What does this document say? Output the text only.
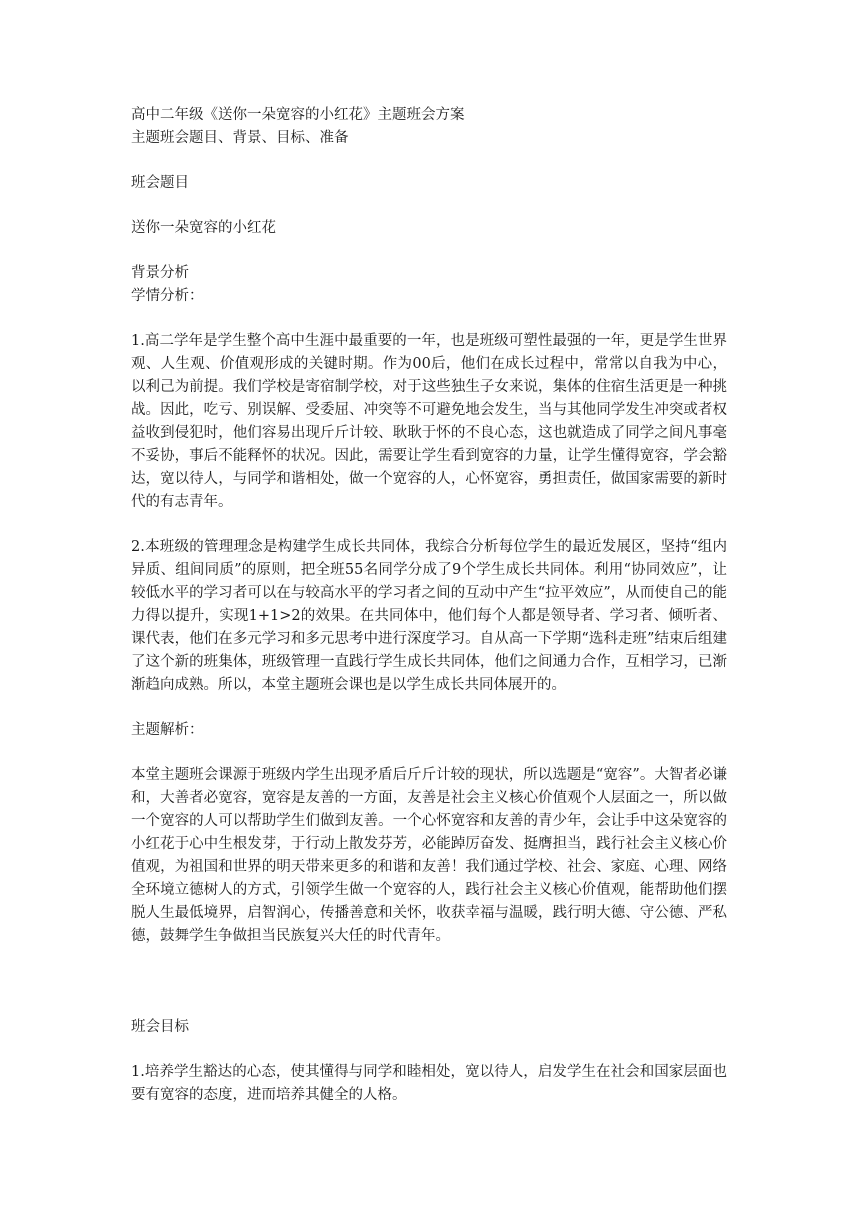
高中二年级《送你一朵宽容的小红花》主题班会方案

主题班会题目、背景、目标、准备

班会题目

送你一朵宽容的小红花

背景分析

学情分析：

1.高二学年是学生整个高中生涯中最重要的一年，也是班级可塑性最强的一年，更是学生世界观、人生观、价值观形成的关键时期。作为00后，他们在成长过程中，常常以自我为中心，以利己为前提。我们学校是寄宿制学校，对于这些独生子女来说，集体的住宿生活更是一种挑战。因此，吃亏、别误解、受委屈、冲突等不可避免地会发生，当与其他同学发生冲突或者权益收到侵犯时，他们容易出现斤斤计较、耿耿于怀的不良心态，这也就造成了同学之间凡事毫不妥协，事后不能释怀的状况。因此，需要让学生看到宽容的力量，让学生懂得宽容，学会豁达，宽以待人，与同学和谐相处，做一个宽容的人，心怀宽容，勇担责任，做国家需要的新时代的有志青年。

2.本班级的管理理念是构建学生成长共同体，我综合分析每位学生的最近发展区，坚持“组内异质、组间同质”的原则，把全班55名同学分成了9个学生成长共同体。利用“协同效应”，让较低水平的学习者可以在与较高水平的学习者之间的互动中产生“拉平效应”，从而使自己的能力得以提升，实现1+1>2的效果。在共同体中，他们每个人都是领导者、学习者、倾听者、课代表，他们在多元学习和多元思考中进行深度学习。自从高一下学期“选科走班”结束后组建了这个新的班集体，班级管理一直践行学生成长共同体，他们之间通力合作，互相学习，已渐渐趋向成熟。所以，本堂主题班会课也是以学生成长共同体展开的。

主题解析：

本堂主题班会课源于班级内学生出现矛盾后斤斤计较的现状，所以选题是“宽容”。大智者必谦和，大善者必宽容，宽容是友善的一方面，友善是社会主义核心价值观个人层面之一，所以做一个宽容的人可以帮助学生们做到友善。一个心怀宽容和友善的青少年，会让手中这朵宽容的小红花于心中生根发芽，于行动上散发芬芳，必能踔厉奋发、挺膺担当，践行社会主义核心价值观，为祖国和世界的明天带来更多的和谐和友善！我们通过学校、社会、家庭、心理、网络全环境立德树人的方式，引领学生做一个宽容的人，践行社会主义核心价值观，能帮助他们摆脱人生最低境界，启智润心，传播善意和关怀，收获幸福与温暖，践行明大德、守公德、严私德，鼓舞学生争做担当民族复兴大任的时代青年。

班会目标

1.培养学生豁达的心态，使其懂得与同学和睦相处，宽以待人，启发学生在社会和国家层面也要有宽容的态度，进而培养其健全的人格。
